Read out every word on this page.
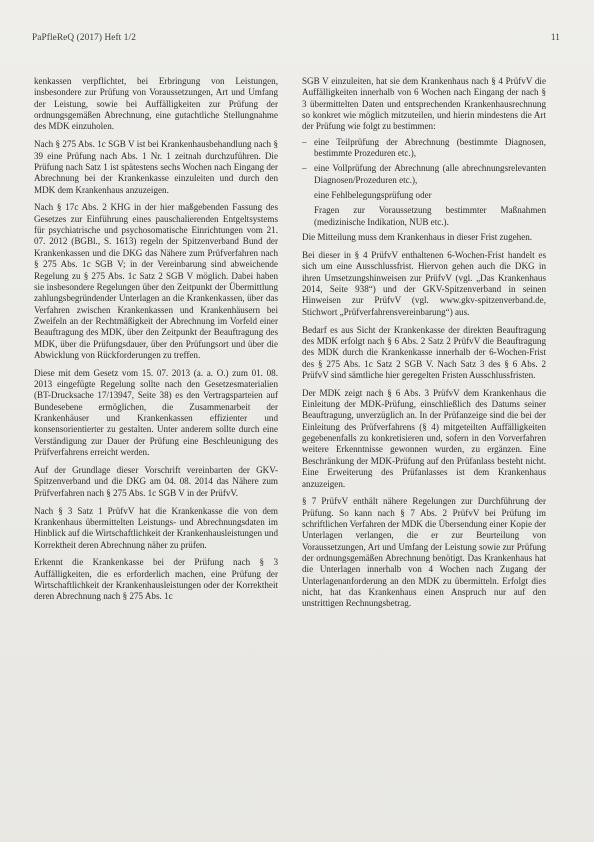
PaPfleReQ (2017) Heft 1/2	11

kenkassen verpflichtet, bei Erbringung von Leistungen, insbesondere zur Prüfung von Voraussetzungen, Art und Umfang der Leistung, sowie bei Auffälligkeiten zur Prüfung der ordnungsgemäßen Abrechnung, eine gutachtliche Stellungnahme des MDK einzuholen.

Nach § 275 Abs. 1c SGB V ist bei Krankenhausbehandlung nach § 39 eine Prüfung nach Abs. 1 Nr. 1 zeitnah durchzuführen. Die Prüfung nach Satz 1 ist spätestens sechs Wochen nach Eingang der Abrechnung bei der Krankenkasse einzuleiten und durch den MDK dem Krankenhaus anzuzeigen.

Nach § 17c Abs. 2 KHG in der hier maßgebenden Fassung des Gesetzes zur Einführung eines pauschalierenden Entgeltsystems für psychiatrische und psychosomatische Einrichtungen vom 21. 07. 2012 (BGBl., S. 1613) regeln der Spitzenverband Bund der Krankenkassen und die DKG das Nähere zum Prüfverfahren nach § 275 Abs. 1c SGB V; in der Vereinbarung sind abweichende Regelung zu § 275 Abs. 1c Satz 2 SGB V möglich. Dabei haben sie insbesondere Regelungen über den Zeitpunkt der Übermittlung zahlungsbegründender Unterlagen an die Krankenkassen, über das Verfahren zwischen Krankenkassen und Krankenhäusern bei Zweifeln an der Rechtmäßigkeit der Abrechnung im Vorfeld einer Beauftragung des MDK, über den Zeitpunkt der Beauftragung des MDK, über die Prüfungsdauer, über den Prüfungsort und über die Abwicklung von Rückforderungen zu treffen.

Diese mit dem Gesetz vom 15. 07. 2013 (a. a. O.) zum 01. 08. 2013 eingefügte Regelung sollte nach den Gesetzesmaterialien (BT-Drucksache 17/13947, Seite 38) es den Vertragsparteien auf Bundesebene ermöglichen, die Zusammenarbeit der Krankenhäuser und Krankenkassen effizienter und konsensorientierter zu gestalten. Unter anderem sollte durch eine Verständigung zur Dauer der Prüfung eine Beschleunigung des Prüfverfahrens erreicht werden.

Auf der Grundlage dieser Vorschrift vereinbarten der GKV-Spitzenverband und die DKG am 04. 08. 2014 das Nähere zum Prüfverfahren nach § 275 Abs. 1c SGB V in der PrüfvV.

Nach § 3 Satz 1 PrüfvV hat die Krankenkasse die von dem Krankenhaus übermittelten Leistungs- und Abrechnungsdaten im Hinblick auf die Wirtschaftlichkeit der Krankenhausleistungen und Korrektheit deren Abrechnung näher zu prüfen.

Erkennt die Krankenkasse bei der Prüfung nach § 3 Auffälligkeiten, die es erforderlich machen, eine Prüfung der Wirtschaftlichkeit der Krankenhausleistungen oder der Korrektheit deren Abrechnung nach § 275 Abs. 1c

SGB V einzuleiten, hat sie dem Krankenhaus nach § 4 PrüfvV die Auffälligkeiten innerhalb von 6 Wochen nach Eingang der nach § 3 übermittelten Daten und entsprechenden Krankenhausrechnung so konkret wie möglich mitzuteilen, und hierin mindestens die Art der Prüfung wie folgt zu bestimmen:

– eine Teilprüfung der Abrechnung (bestimmte Diagnosen, bestimmte Prozeduren etc.),
– eine Vollprüfung der Abrechnung (alle abrechnungsrelevanten Diagnosen/Prozeduren etc.),
eine Fehlbelegungsprüfung oder
Fragen zur Voraussetzung bestimmter Maßnahmen (medizinische Indikation, NUB etc.).

Die Mitteilung muss dem Krankenhaus in dieser Frist zugehen.

Bei dieser in § 4 PrüfvV enthaltenen 6-Wochen-Frist handelt es sich um eine Ausschlussfrist. Hiervon gehen auch die DKG in ihren Umsetzungshinweisen zur PrüfvV (vgl. „Das Krankenhaus 2014, Seite 938“) und der GKV-Spitzenverband in seinen Hinweisen zur PrüfvV (vgl. www.gkv-spitzenverband.de, Stichwort „Prüfverfahrensvereinbarung“) aus.

Bedarf es aus Sicht der Krankenkasse der direkten Beauftragung des MDK erfolgt nach § 6 Abs. 2 Satz 2 PrüfvV die Beauftragung des MDK durch die Krankenkasse innerhalb der 6-Wochen-Frist des § 275 Abs. 1c Satz 2 SGB V. Nach Satz 3 des § 6 Abs. 2 PrüfvV sind sämtliche hier geregelten Fristen Ausschlussfristen.

Der MDK zeigt nach § 6 Abs. 3 PrüfvV dem Krankenhaus die Einleitung der MDK-Prüfung, einschließlich des Datums seiner Beauftragung, unverzüglich an. In der Prüfanzeige sind die bei der Einleitung des Prüfverfahrens (§ 4) mitgeteilten Auffälligkeiten gegebenenfalls zu konkretisieren und, sofern in den Vorverfahren weitere Erkenntnisse gewonnen wurden, zu ergänzen. Eine Beschränkung der MDK-Prüfung auf den Prüfanlass besteht nicht. Eine Erweiterung des Prüfanlasses ist dem Krankenhaus anzuzeigen.

§ 7 PrüfvV enthält nähere Regelungen zur Durchführung der Prüfung. So kann nach § 7 Abs. 2 PrüfvV bei Prüfung im schriftlichen Verfahren der MDK die Übersendung einer Kopie der Unterlagen verlangen, die er zur Beurteilung von Voraussetzungen, Art und Umfang der Leistung sowie zur Prüfung der ordnungsgemäßen Abrechnung benötigt. Das Krankenhaus hat die Unterlagen innerhalb von 4 Wochen nach Zugang der Unterlagenanforderung an den MDK zu übermitteln. Erfolgt dies nicht, hat das Krankenhaus einen Anspruch nur auf den unstrittigen Rechnungsbetrag.
